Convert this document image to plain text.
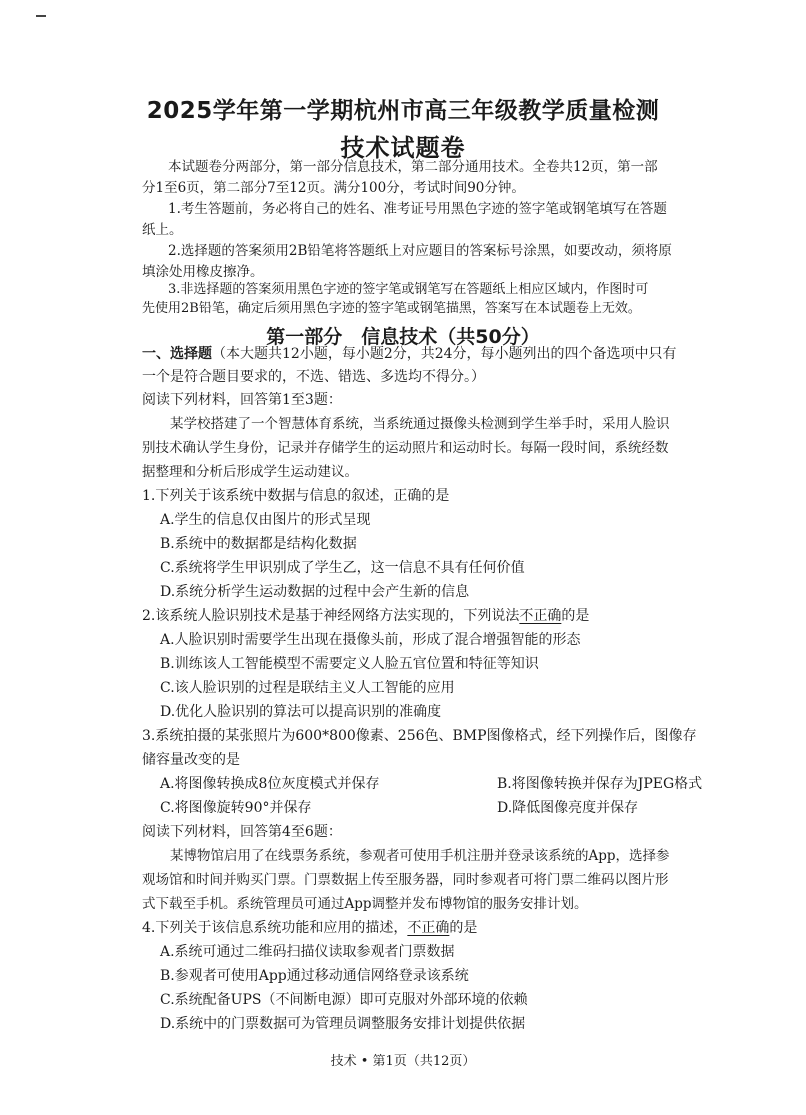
2025学年第一学期杭州市高三年级教学质量检测
技术试题卷
本试题卷分两部分，第一部分信息技术，第二部分通用技术。全卷共12页，第一部
分1至6页，第二部分7至12页。满分100分，考试时间90分钟。
1.考生答题前，务必将自己的姓名、准考证号用黑色字迹的签字笔或钢笔填写在答题
纸上。
2.选择题的答案须用2B铅笔将答题纸上对应题目的答案标号涂黑，如要改动，须将原
填涂处用橡皮擦净。
3.非选择题的答案须用黑色字迹的签字笔或钢笔写在答题纸上相应区域内，作图时可
第一部分　信息技术（共50分）
一、选择题（本大题共12小题，每小题2分，共24分，每小题列出的四个备选项中只有
一个是符合题目要求的，不选、错选、多选均不得分。）
阅读下列材料，回答第1至3题：
某学校搭建了一个智慧体育系统，当系统通过摄像头检测到学生举手时，采用人脸识
别技术确认学生身份，记录并存储学生的运动照片和运动时长。每隔一段时间，系统经数
据整理和分析后形成学生运动建议。
1.下列关于该系统中数据与信息的叙述，正确的是
A.学生的信息仅由图片的形式呈现
B.系统中的数据都是结构化数据
C.系统将学生甲识别成了学生乙，这一信息不具有任何价值
D.系统分析学生运动数据的过程中会产生新的信息
2.该系统人脸识别技术是基于神经网络方法实现的，下列说法不正确的是
A.人脸识别时需要学生出现在摄像头前，形成了混合增强智能的形态
B.训练该人工智能模型不需要定义人脸五官位置和特征等知识
C.该人脸识别的过程是联结主义人工智能的应用
D.优化人脸识别的算法可以提高识别的准确度
3.系统拍摄的某张照片为600*800像素、256色、BMP图像格式，经下列操作后，图像存
储容量改变的是
A.将图像转换成8位灰度模式并保存	B.将图像转换并保存为JPEG格式
C.将图像旋转90°并保存	D.降低图像亮度并保存
阅读下列材料，回答第4至6题：
某博物馆启用了在线票务系统，参观者可使用手机注册并登录该系统的App，选择参
观场馆和时间并购买门票。门票数据上传至服务器，同时参观者可将门票二维码以图片形
式下载至手机。系统管理员可通过App调整并发布博物馆的服务安排计划。
4.下列关于该信息系统功能和应用的描述，不正确的是
A.系统可通过二维码扫描仪读取参观者门票数据
B.参观者可使用App通过移动通信网络登录该系统
C.系统配备UPS（不间断电源）即可克服对外部环境的依赖
D.系统中的门票数据可为管理员调整服务安排计划提供依据
技术 • 第1页（共12页）
先使用2B铅笔，确定后须用黑色字迹的签字笔或钢笔描黑，答案写在本试题卷上无效。
